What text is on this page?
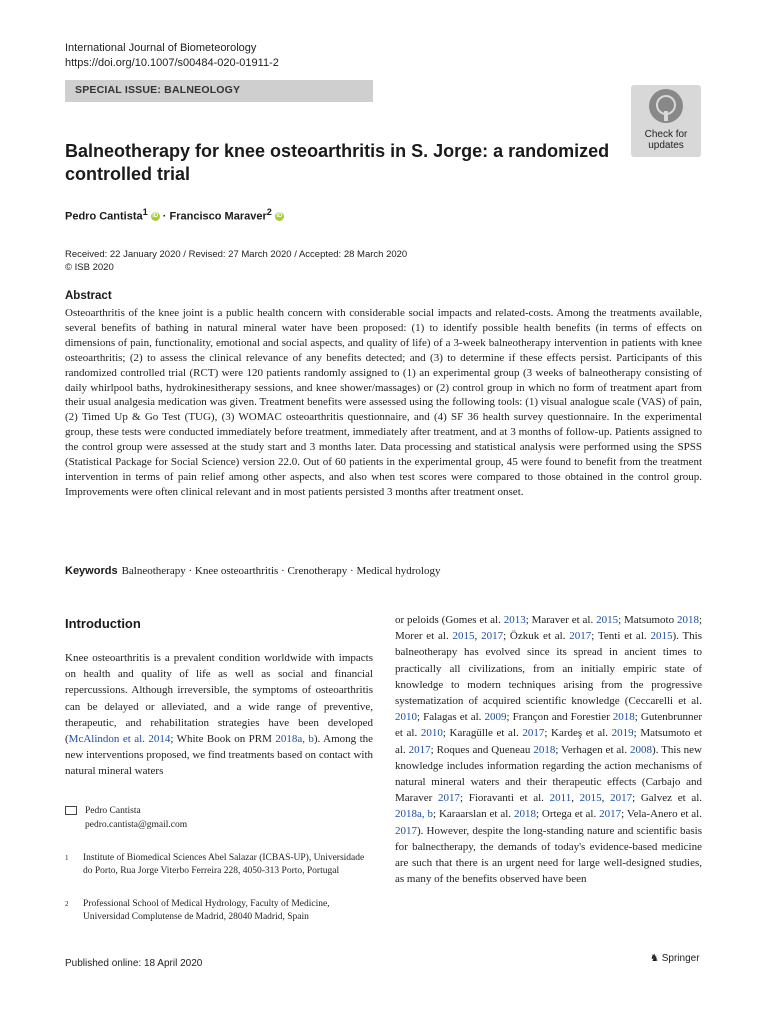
International Journal of Biometeorology
https://doi.org/10.1007/s00484-020-01911-2
SPECIAL ISSUE: BALNEOLOGY
Check for
updates
Balneotherapy for knee osteoarthritis in S. Jorge: a randomized controlled trial
Pedro Cantista$^1$ iD · Francisco Maraver$^2$ iD
Received: 22 January 2020 / Revised: 27 March 2020 / Accepted: 28 March 2020
© ISB 2020
Abstract
Osteoarthritis of the knee joint is a public health concern with considerable social impacts and related-costs. Among the treatments available, several benefits of bathing in natural mineral water have been proposed: (1) to identify possible health benefits (in terms of effects on dimensions of pain, functionality, emotional and social aspects, and quality of life) of a 3-week balneotherapy intervention in patients with knee osteoarthritis; (2) to assess the clinical relevance of any benefits detected; and (3) to determine if these effects persist. Participants of this randomized controlled trial (RCT) were 120 patients randomly assigned to (1) an experimental group (3 weeks of balneotherapy consisting of daily whirlpool baths, hydrokinesitherapy sessions, and knee shower/massages) or (2) control group in which no form of treatment apart from their usual analgesia medication was given. Treatment benefits were assessed using the following tools: (1) visual analogue scale (VAS) of pain, (2) Timed Up & Go Test (TUG), (3) WOMAC osteoarthritis questionnaire, and (4) SF 36 health survey questionnaire. In the experimental group, these tests were conducted immediately before treatment, immediately after treatment, and at 3 months of follow-up. Patients assigned to the control group were assessed at the study start and 3 months later. Data processing and statistical analysis were performed using the SPSS (Statistical Package for Social Science) version 22.0. Out of 60 patients in the experimental group, 45 were found to benefit from the treatment intervention in terms of pain relief among other aspects, and also when test scores were compared to those obtained in the control group. Improvements were often clinical relevant and in most patients persisted 3 months after treatment onset.
Keywords Balneotherapy · Knee osteoarthritis · Crenotherapy · Medical hydrology
Introduction
Knee osteoarthritis is a prevalent condition worldwide with impacts on health and quality of life as well as social and financial repercussions. Although irreversible, the symptoms of osteoarthritis can be delayed or alleviated, and a wide range of preventive, therapeutic, and rehabilitation strategies have been developed (McAlindon et al. 2014; White Book on PRM 2018a, b). Among the new interventions proposed, we find treatments based on contact with natural mineral waters
or peloids (Gomes et al. 2013; Maraver et al. 2015; Matsumoto 2018; Morer et al. 2015, 2017; Özkuk et al. 2017; Tenti et al. 2015). This balneotherapy has evolved since its spread in ancient times to practically all civilizations, from an initially empiric state of knowledge to modern techniques arising from the progressive systematization of acquired scientific knowledge (Ceccarelli et al. 2010; Falagas et al. 2009; Françon and Forestier 2018; Gutenbrunner et al. 2010; Karagülle et al. 2017; Kardeş et al. 2019; Matsumoto et al. 2017; Roques and Queneau 2018; Verhagen et al. 2008). This new knowledge includes information regarding the action mechanisms of natural mineral waters and their therapeutic effects (Carbajo and Maraver 2017; Fioravanti et al. 2011, 2015, 2017; Galvez et al. 2018a, b; Karaarslan et al. 2018; Ortega et al. 2017; Vela-Anero et al. 2017). However, despite the long-standing nature and scientific basis for balnectherapy, the demands of today's evidence-based medicine are such that there is an urgent need for large well-designed studies, as many of the benefits observed have been
Pedro Cantista
pedro.cantista@gmail.com
1 Institute of Biomedical Sciences Abel Salazar (ICBAS-UP), Universidade do Porto, Rua Jorge Viterbo Ferreira 228, 4050-313 Porto, Portugal
2 Professional School of Medical Hydrology, Faculty of Medicine, Universidad Complutense de Madrid, 28040 Madrid, Spain
Published online: 18 April 2020	♞ Springer
